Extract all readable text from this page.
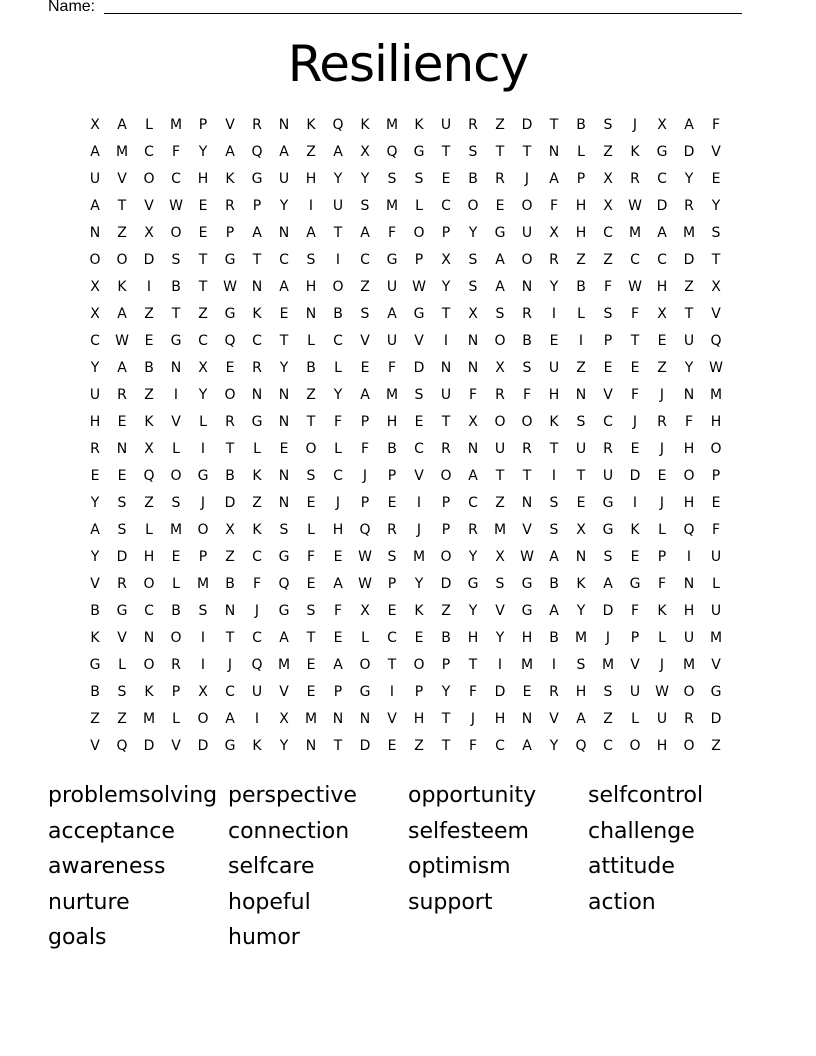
Name:
Resiliency
X	A	L	M	P	V	R	N	K	Q	K	M	K	U	R	Z	D	T	B	S	J	X	A	F
A	M	C	F	Y	A	Q	A	Z	A	X	Q	G	T	S	T	T	N	L	Z	K	G	D	V
U	V	O	C	H	K	G	U	H	Y	Y	S	S	E	B	R	J	A	P	X	R	C	Y	E
A	T	V	W	E	R	P	Y	I	U	S	M	L	C	O	E	O	F	H	X	W D	R	Y
N	Z	X	O	E	P	A	N	A	T	A	F	O	P	Y	G	U	X	H	C	M	A	M	S
O	O	D	S	T	G	T	C	S	I	C	G	P	X	S	A	O	R	Z	Z	C	C	D	T
X	K	I	B	T	W N	A	H	O	Z	U W	Y	S	A	N	Y	B	F	W H	Z	X
X	A	Z	T	Z	G	K	E	N	B	S	A	G	T	X	S	R	I	L	S	F	X	T	V
C	W	E	G	C	Q	C	T	L	C	V	U	V	I	N	O	B	E	I	P	T	E	U	Q
Y	A	B	N	X	E	R	Y	B	L	E	F	D	N	N	X	S	U	Z	E	E	Z	Y	W
U	R	Z	I	Y	O	N	N	Z	Y	A	M	S	U	F	R	F	H	N	V	F	J	N	M
H	E	K	V	L	R	G	N	T	F	P	H	E	T	X	O	O	K	S	C	J	R	F	H
R	N	X	L	I	T	L	E	O	L	F	B	C	R	N	U	R	T	U	R	E	J	H	O
E	E	Q	O	G	B	K	N	S	C	J	P	V	O	A	T	T	I	T	U	D	E	O	P
Y	S	Z	S	J	D	Z	N	E	J	P	E	I	P	C	Z	N	S	E	G	I	J	H	E
A	S	L	M	O	X	K	S	L	H	Q	R	J	P	R	M	V	S	X	G	K	L	Q	F
Y	D	H	E	P	Z	C	G	F	E	W	S	M	O	Y	X	W	A	N	S	E	P	I	U
V	R	O	L	M	B	F	Q	E	A	W	P	Y	D	G	S	G	B	K	A	G	F	N	L
B	G	C	B	S	N	J	G	S	F	X	E	K	Z	Y	V	G	A	Y	D	F	K	H	U
K	V	N	O	I	T	C	A	T	E	L	C	E	B	H	Y	H	B	M	J	P	L	U	M
G	L	O	R	I	J	Q	M	E	A	O	T	O	P	T	I	M	I	S	M	V	J	M	V
B	S	K	P	X	C	U	V	E	P	G	I	P	Y	F	D	E	R	H	S	U W O	G
Z	Z	M	L	O	A	I	X	M	N	N	V	H	T	J	H	N	V	A	Z	L	U	R	D
V	Q	D	V	D	G	K	Y	N	T	D	E	Z	T	F	C	A	Y	Q	C	O	H	O	Z
problemsolving perspective	opportunity	selfcontrol
acceptance	connection	selfesteem	challenge
awareness	selfcare	optimism	attitude
nurture	hopeful	support	action
goals	humor
